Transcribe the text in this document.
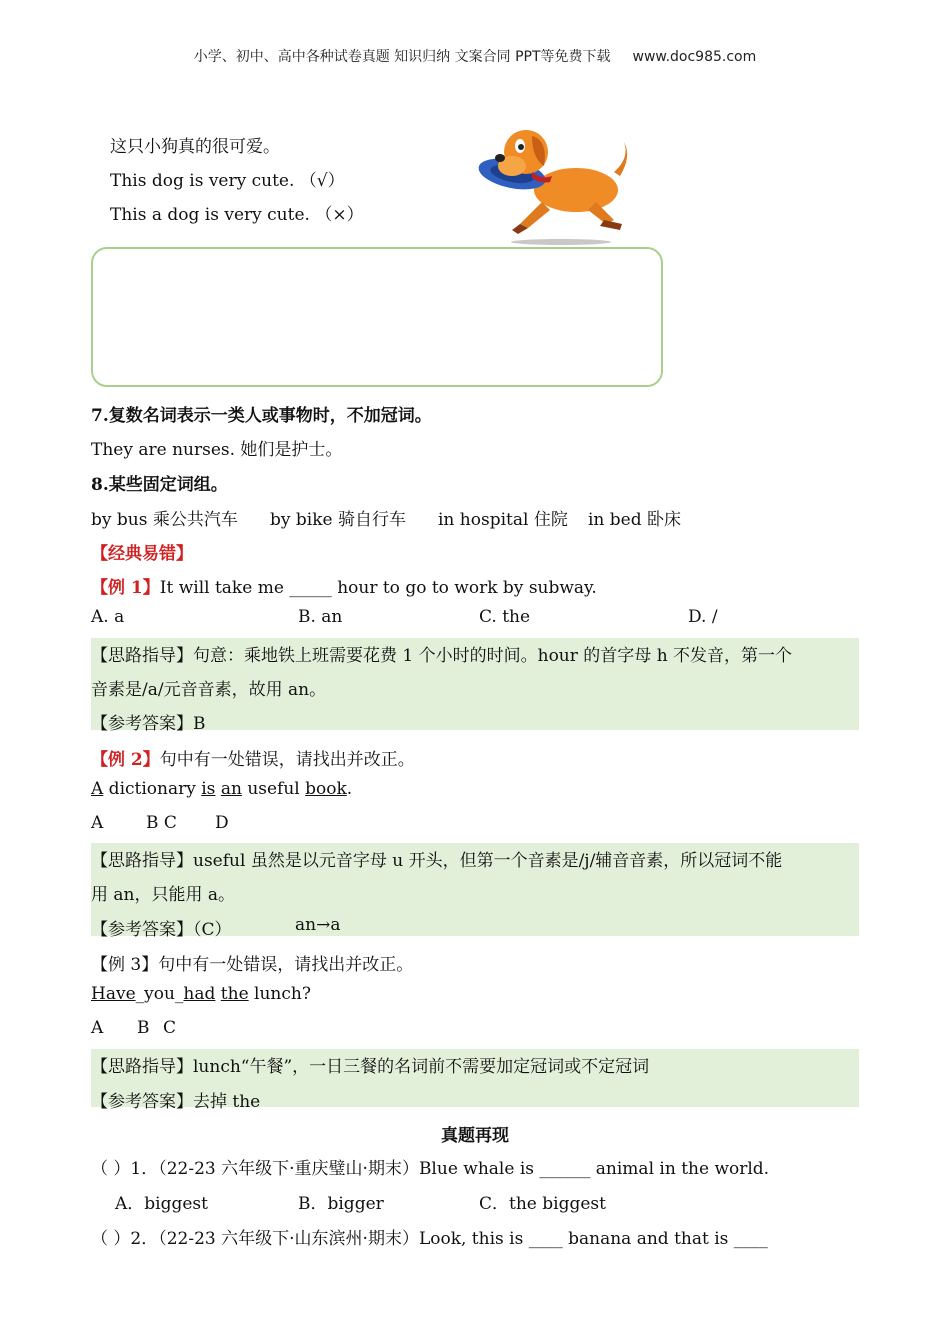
小学、初中、高中各种试卷真题 知识归纳 文案合同 PPT等免费下载 www.doc985.com
这只小狗真的很可爱。
This dog is very cute. （√）
This a dog is very cute. （×）
7.复数名词表示一类人或事物时，不加冠词。
They are nurses. 她们是护士。
8.某些固定词组。
by bus 乘公共汽车 by bike 骑自行车 in hospital 住院 in bed 卧床
【经典易错】
【例 1】It will take me _____ hour to go to work by subway.
A. a	B. an	C. the	D. /
【思路指导】句意：乘地铁上班需要花费 1 个小时的时间。hour 的首字母 h 不发音，第一个
音素是/a/元音音素，故用 an。
【参考答案】B
【例 2】句中有一处错误，请找出并改正。
A dictionary is an useful book.
A	B C D
【思路指导】useful 虽然是以元音字母 u 开头，但第一个音素是/j/辅音音素，所以冠词不能
用 an，只能用 a。
【参考答案】（C）	an→a
【例 3】句中有一处错误，请找出并改正。
Have_you_had the lunch?
A B C
【思路指导】lunch“午餐”，一日三餐的名词前不需要加定冠词或不定冠词
【参考答案】去掉 the
真题再现
（ ）1．（22-23 六年级下·重庆璧山·期末）Blue whale is ______ animal in the world.
A．biggest	B．bigger	C．the biggest
（ ）2．（22-23 六年级下·山东滨州·期末）Look, this is ____ banana and that is ____
